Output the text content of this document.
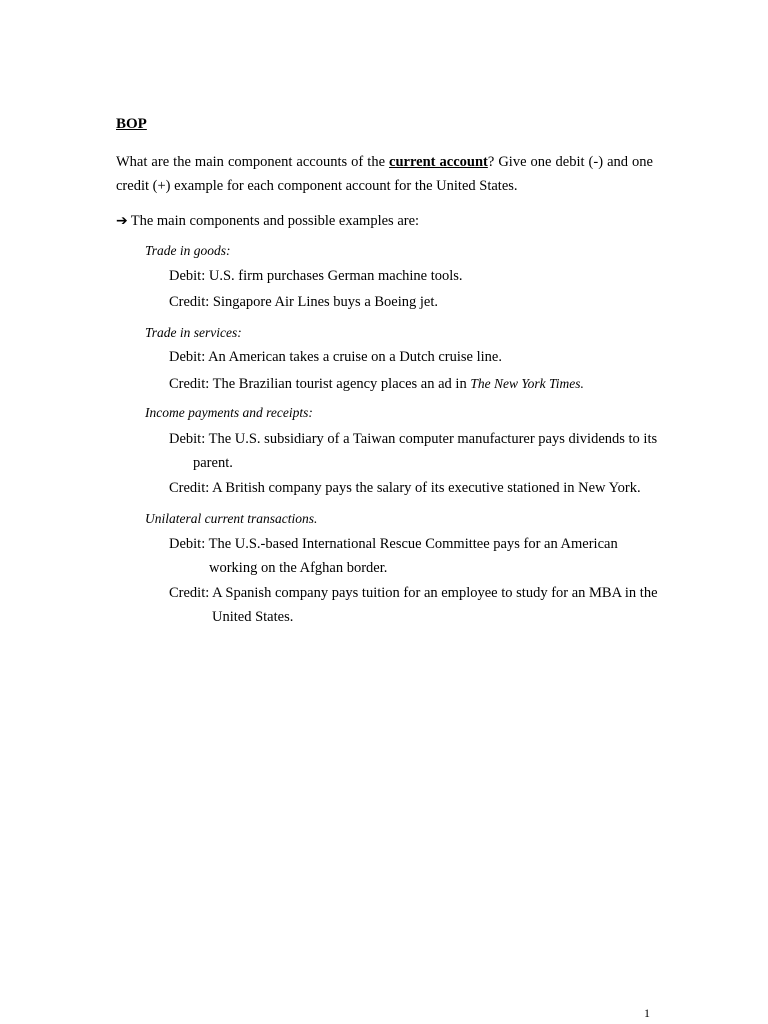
BOP

What are the main component accounts of the current account? Give one debit (-) and one credit (+) example for each component account for the United States.

➔ The main components and possible examples are:

Trade in goods:

Debit: U.S. firm purchases German machine tools.

Credit: Singapore Air Lines buys a Boeing jet.

Trade in services:

Debit: An American takes a cruise on a Dutch cruise line.

Credit: The Brazilian tourist agency places an ad in The New York Times.

Income payments and receipts:

Debit: The U.S. subsidiary of a Taiwan computer manufacturer pays dividends to its
parent.

Credit: A British company pays the salary of its executive stationed in New York.

Unilateral current transactions.

Debit: The U.S.-based International Rescue Committee pays for an American
working on the Afghan border.

Credit: A Spanish company pays tuition for an employee to study for an MBA in the
United States.

1
